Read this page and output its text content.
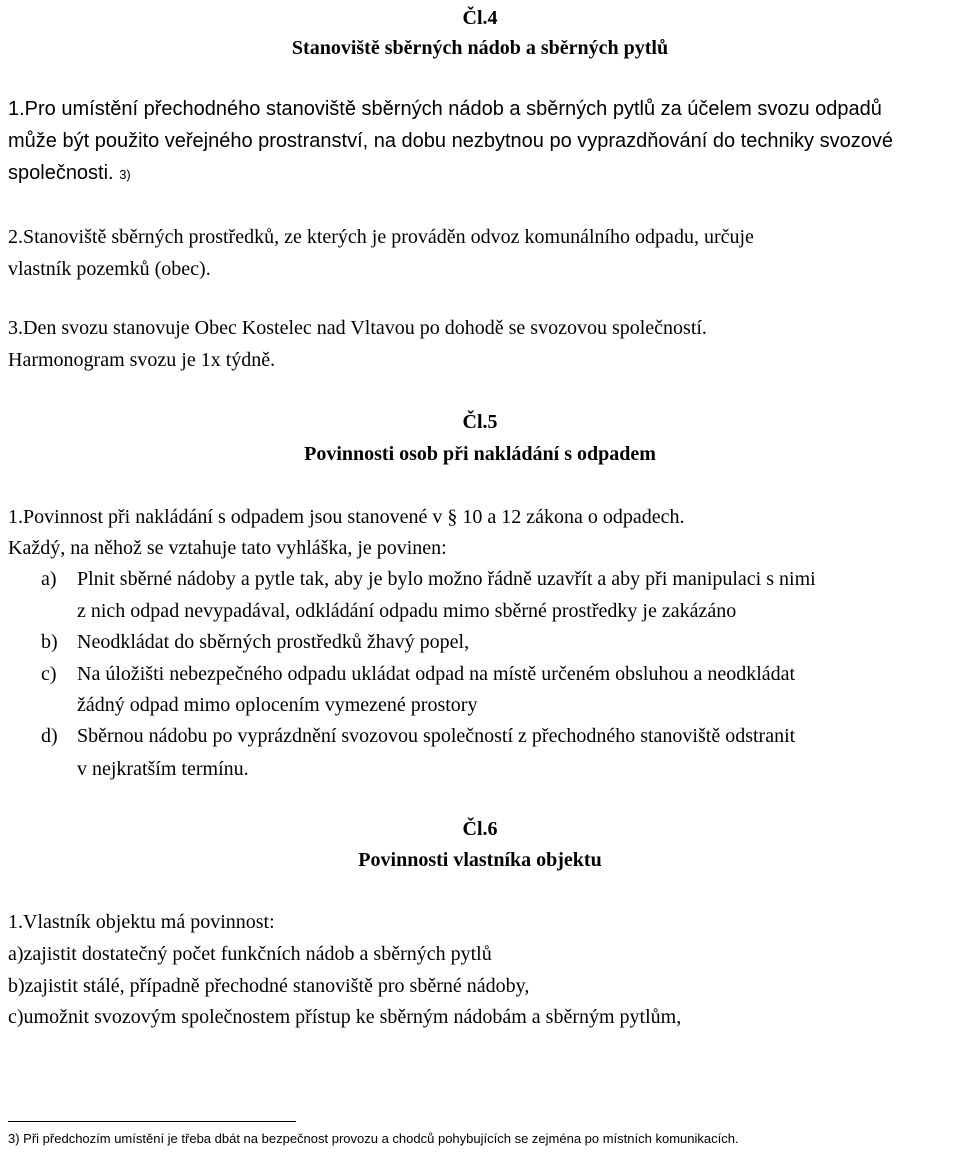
Čl.4
Stanoviště sběrných nádob a sběrných pytlů
1.Pro umístění přechodného stanoviště sběrných nádob a sběrných pytlů za účelem svozu odpadů
může být použito veřejného prostranství, na dobu nezbytnou po vyprazdňování do techniky svozové
společnosti. 3)
2.Stanoviště sběrných prostředků, ze kterých je prováděn odvoz komunálního odpadu, určuje
vlastník pozemků (obec).
3.Den svozu stanovuje Obec Kostelec nad Vltavou po dohodě se svozovou společností.
Harmonogram svozu je 1x týdně.
Čl.5
Povinnosti osob při nakládání s odpadem
1.Povinnost při nakládání s odpadem jsou stanovené v § 10 a 12 zákona o odpadech.
Každý, na něhož se vztahuje tato vyhláška, je povinen:
a) Plnit sběrné nádoby a pytle tak, aby je bylo možno řádně uzavřít a aby při manipulaci s nimi
z nich odpad nevypadával, odkládání odpadu mimo sběrné prostředky je zakázáno
b) Neodkládat do sběrných prostředků žhavý popel,
c) Na úložišti nebezpečného odpadu ukládat odpad na místě určeném obsluhou a neodkládat
žádný odpad mimo oplocením vymezené prostory
d) Sběrnou nádobu po vyprázdnění svozovou společností z přechodného stanoviště odstranit
v nejkratším termínu.
Čl.6
Povinnosti vlastníka objektu
1.Vlastník objektu má povinnost:
a)zajistit dostatečný počet funkčních nádob a sběrných pytlů
b)zajistit stálé, případně přechodné stanoviště pro sběrné nádoby,
c)umožnit svozovým společnostem přístup ke sběrným nádobám a sběrným pytlům,
3) Při předchozím umístění je třeba dbát na bezpečnost provozu a chodců pohybujících se zejména po místních komunikacích.
